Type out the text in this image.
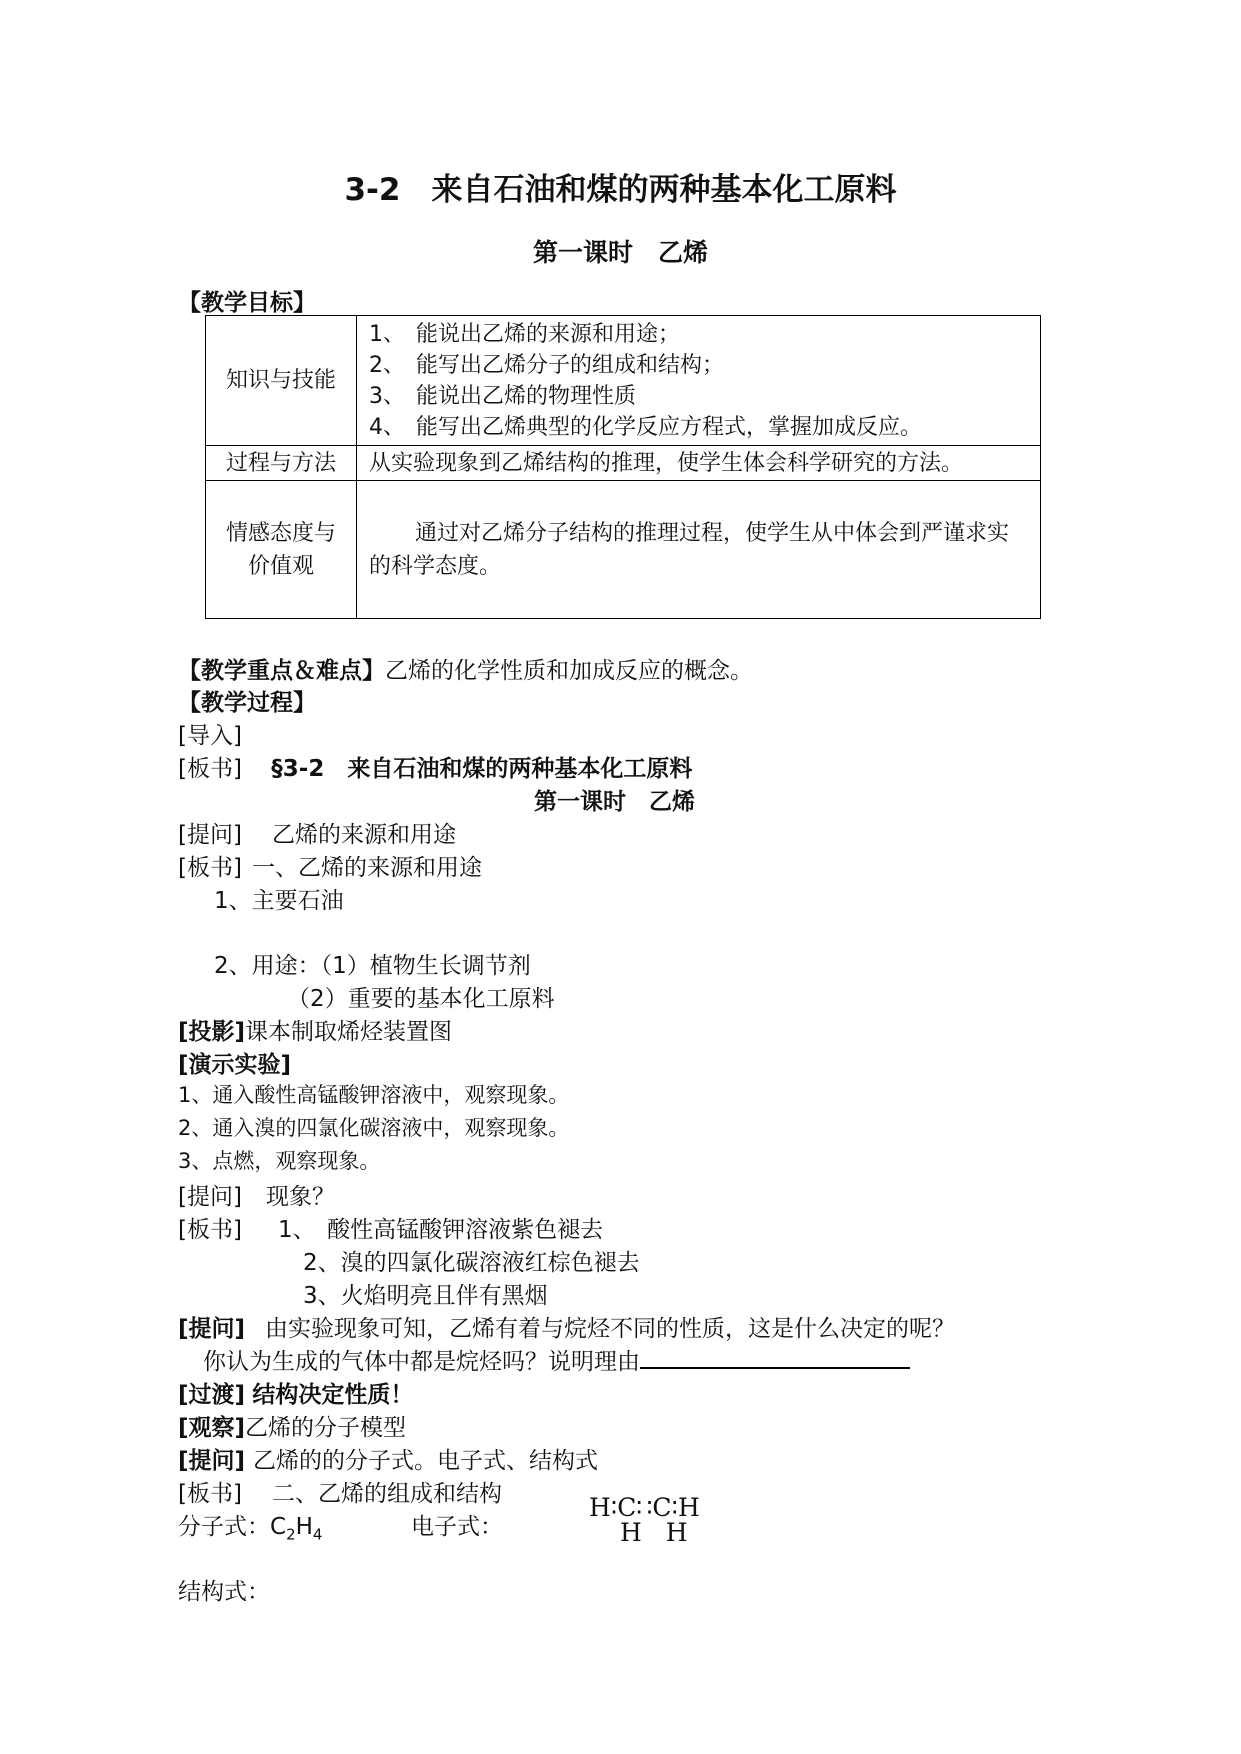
3-2　来自石油和煤的两种基本化工原料
第一课时　乙烯
【教学目标】
知识与技能	1、　能说出乙烯的来源和用途；
2、　能写出乙烯分子的组成和结构；
3、　能说出乙烯的物理性质
4、　能写出乙烯典型的化学反应方程式，掌握加成反应。

过程与方法	从实验现象到乙烯结构的推理，使学生体会科学研究的方法。

情感态度与
价值观	通过对乙烯分子结构的推理过程，使学生从中体会到严谨求实的科学态度。
【教学重点＆难点】乙烯的化学性质和加成反应的概念。
【教学过程】
[导入]
[板书] §3-2　来自石油和煤的两种基本化工原料
第一课时　乙烯
[提问] 乙烯的来源和用途
[板书] 一、乙烯的来源和用途
1、主要石油
2、用途：（1）植物生长调节剂
（2）重要的基本化工原料
[投影]课本制取烯烃装置图
[演示实验]
1、通入酸性高锰酸钾溶液中，观察现象。
2、通入溴的四氯化碳溶液中，观察现象。
3、点燃，观察现象。
[提问] 现象？
[板书] 1、　酸性高锰酸钾溶液紫色褪去
2、溴的四氯化碳溶液红棕色褪去
3、火焰明亮且伴有黑烟
[提问] 由实验现象可知，乙烯有着与烷烃不同的性质，这是什么决定的呢？
你认为生成的气体中都是烷烃吗？说明理由
[过渡] 结构决定性质！
[观察]乙烯的分子模型
[提问] 乙烯的的分子式。电子式、结构式
[板书] 二、乙烯的组成和结构
分子式：$C_2H_4$	电子式：
H∶C∷C∶H
H H
结构式：
